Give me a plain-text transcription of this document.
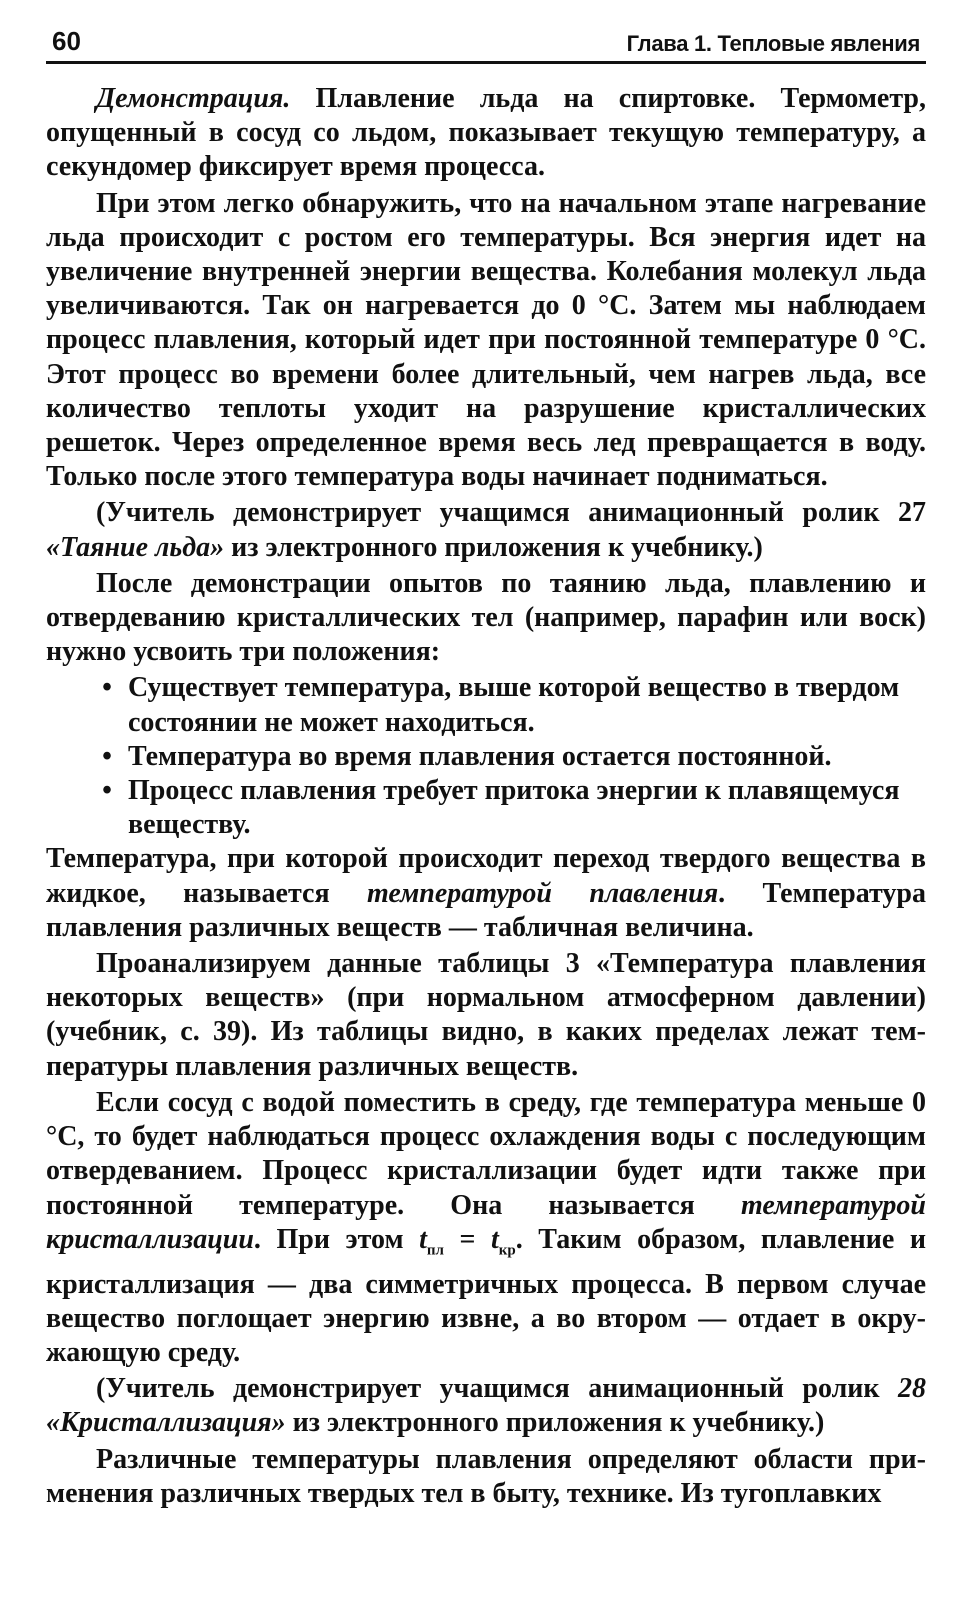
60	Глава 1. Тепловые явления

Демонстрация. Плавление льда на спиртовке. Термометр, опущенный в сосуд со льдом, показывает текущую температуру, а секундомер фиксирует время процесса.

При этом легко обнаружить, что на начальном этапе нагревание льда происходит с ростом его температуры. Вся энергия идет на увеличение внутренней энергии вещества. Колебания молекул льда увеличиваются. Так он нагревается до 0 °С. Затем мы наблюдаем процесс плавления, который идет при постоянной температуре 0 °С. Этот процесс во времени более длительный, чем нагрев льда, все количество теплоты уходит на разрушение кристаллических решеток. Через определенное время весь лед превращается в воду. Только после этого температура воды начинает подниматься.

(Учитель демонстрирует учащимся анимационный ролик 27 «Таяние льда» из электронного приложения к учебнику.)

После демонстрации опытов по таянию льда, плавлению и отвердеванию кристаллических тел (например, парафин или воск) нужно усвоить три положения:

• Существует температура, выше которой вещество в твердом состоянии не может находиться.
• Температура во время плавления остается постоянной.
• Процесс плавления требует притока энергии к плавящемуся веществу.

Температура, при которой происходит переход твердого вещества в жидкое, называется температурой плавления. Температура плавления различных веществ — табличная величина.

Проанализируем данные таблицы 3 «Температура плавления некоторых веществ» (при нормальном атмосферном давлении) (учебник, с. 39). Из таблицы видно, в каких пределах лежат температуры плавления различных веществ.

Если сосуд с водой поместить в среду, где температура меньше 0 °С, то будет наблюдаться процесс охлаждения воды с последующим отвердеванием. Процесс кристаллизации будет идти также при постоянной температуре. Она называется температурой кристаллизации. При этом $t_{пл} = t_{кр}$. Таким образом, плавление и кристаллизация — два симметричных процесса. В первом случае вещество поглощает энергию извне, а во втором — отдает в окружающую среду.

(Учитель демонстрирует учащимся анимационный ролик 28 «Кристаллизация» из электронного приложения к учебнику.)

Различные температуры плавления определяют области применения различных твердых тел в быту, технике. Из тугоплавких
